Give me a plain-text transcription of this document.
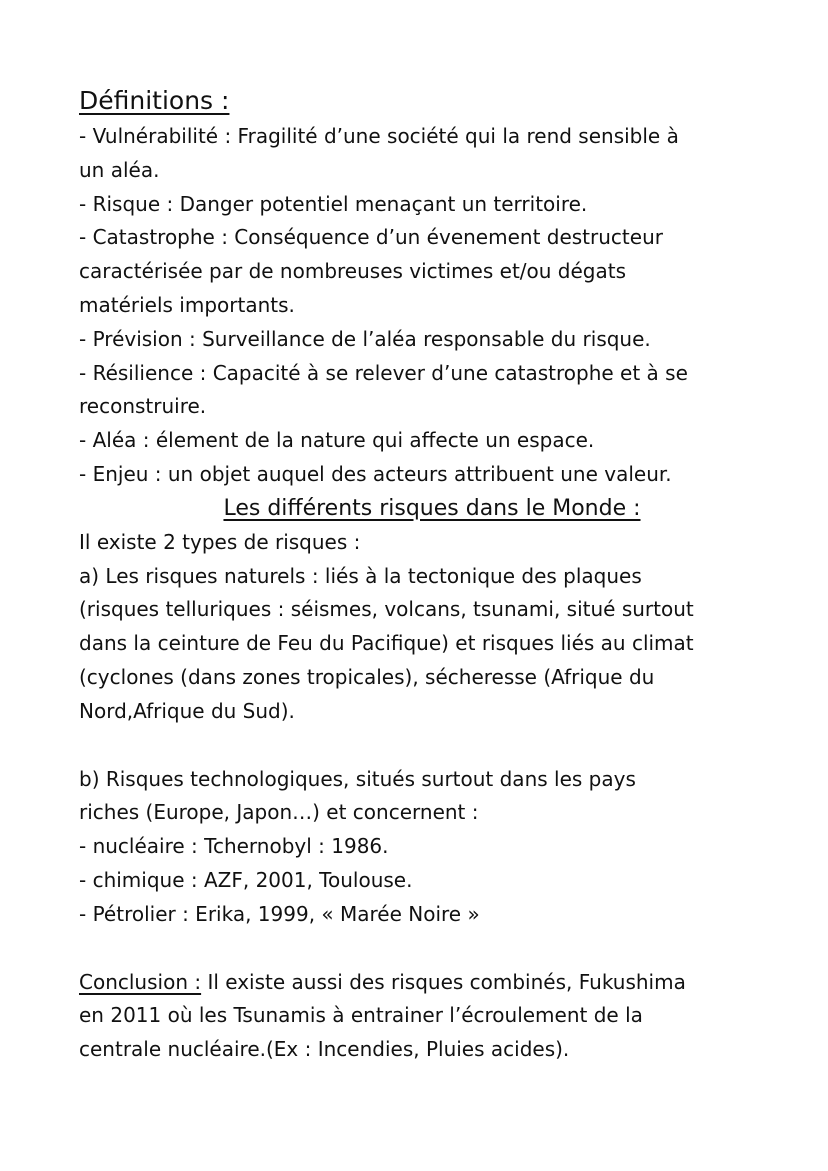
Définitions :
- Vulnérabilité : Fragilité d’une société qui la rend sensible à
un aléa.
- Risque : Danger potentiel menaçant un territoire.
- Catastrophe : Conséquence d’un évenement destructeur
caractérisée par de nombreuses victimes et/ou dégats
matériels importants.
- Prévision : Surveillance de l’aléa responsable du risque.
- Résilience : Capacité à se relever d’une catastrophe et à se
reconstruire.
- Aléa : élement de la nature qui affecte un espace.
- Enjeu : un objet auquel des acteurs attribuent une valeur.
Les différents risques dans le Monde :
Il existe 2 types de risques :
a) Les risques naturels : liés à la tectonique des plaques
(risques telluriques : séismes, volcans, tsunami, situé surtout
dans la ceinture de Feu du Pacifique) et risques liés au climat
(cyclones (dans zones tropicales), sécheresse (Afrique du
Nord,Afrique du Sud).
b) Risques technologiques, situés surtout dans les pays
riches (Europe, Japon…) et concernent :
- nucléaire : Tchernobyl : 1986.
- chimique : AZF, 2001, Toulouse.
- Pétrolier : Erika, 1999, « Marée Noire »
Conclusion : Il existe aussi des risques combinés, Fukushima
en 2011 où les Tsunamis à entrainer l’écroulement de la
centrale nucléaire.(Ex : Incendies, Pluies acides).
